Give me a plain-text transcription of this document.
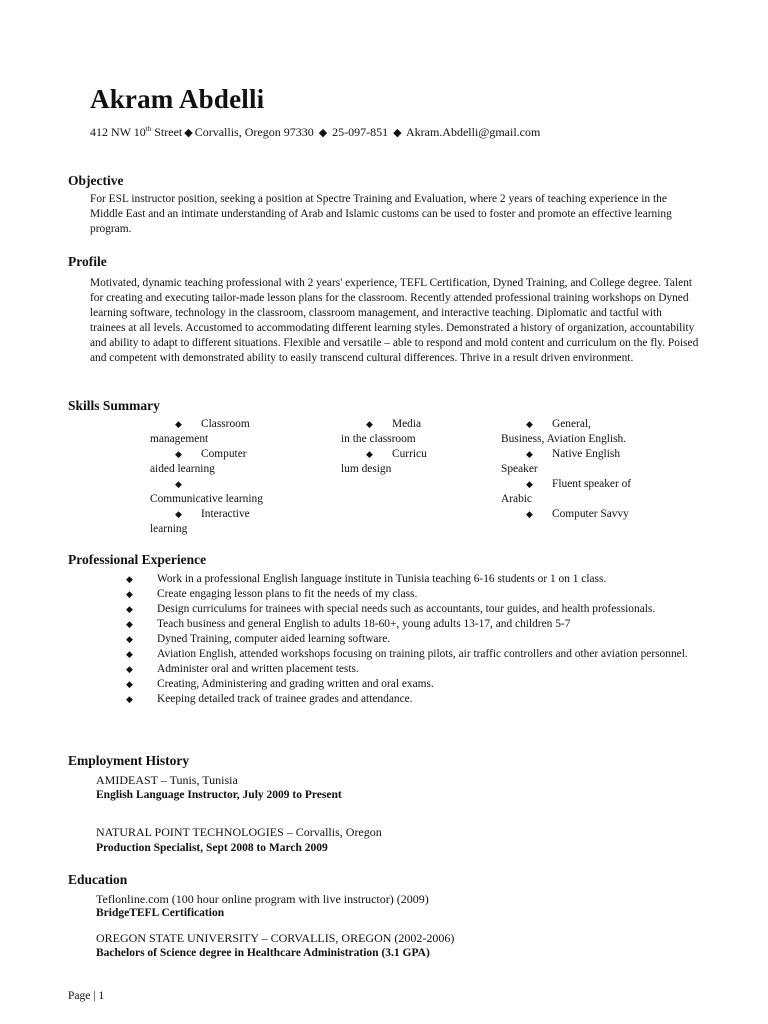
Akram Abdelli
412 NW 10th Street ◆ Corvallis, Oregon 97330 ◆ 25-097-851 ◆ Akram.Abdelli@gmail.com
Objective
For ESL instructor position, seeking a position at Spectre Training and Evaluation, where 2 years of teaching experience in the Middle East and an intimate understanding of Arab and Islamic customs can be used to foster and promote an effective learning program.
Profile
Motivated, dynamic teaching professional with 2 years' experience, TEFL Certification, Dyned Training, and College degree. Talent for creating and executing tailor-made lesson plans for the classroom. Recently attended professional training workshops on Dyned learning software, technology in the classroom, classroom management, and interactive teaching. Diplomatic and tactful with trainees at all levels. Accustomed to accommodating different learning styles. Demonstrated a history of organization, accountability and ability to adapt to different situations. Flexible and versatile – able to respond and mold content and curriculum on the fly. Poised and competent with demonstrated ability to easily transcend cultural differences. Thrive in a result driven environment.
Skills Summary
◆ Classroom management
◆ Computer aided learning
◆Communicative learning
◆ Interactive learning
◆ Media in the classroom
◆ Curriculum design
◆ General, Business, Aviation English.
◆ Native English Speaker
◆ Fluent speaker of Arabic
◆ Computer Savvy
Professional Experience
◆ Work in a professional English language institute in Tunisia teaching 6-16 students or 1 on 1 class.
◆ Create engaging lesson plans to fit the needs of my class.
◆ Design curriculums for trainees with special needs such as accountants, tour guides, and health professionals.
◆ Teach business and general English to adults 18-60+, young adults 13-17, and children 5-7
◆ Dyned Training, computer aided learning software.
◆ Aviation English, attended workshops focusing on training pilots, air traffic controllers and other aviation personnel.
◆ Administer oral and written placement tests.
◆ Creating, Administering and grading written and oral exams.
◆ Keeping detailed track of trainee grades and attendance.
Employment History
AMIDEAST – Tunis, Tunisia
English Language Instructor, July 2009 to Present
NATURAL POINT TECHNOLOGIES – Corvallis, Oregon
Production Specialist, Sept 2008 to March 2009
Education
Teflonline.com (100 hour online program with live instructor) (2009)
BridgeTEFL Certification
OREGON STATE UNIVERSITY – CORVALLIS, OREGON (2002-2006)
Bachelors of Science degree in Healthcare Administration (3.1 GPA)
Page | 1
